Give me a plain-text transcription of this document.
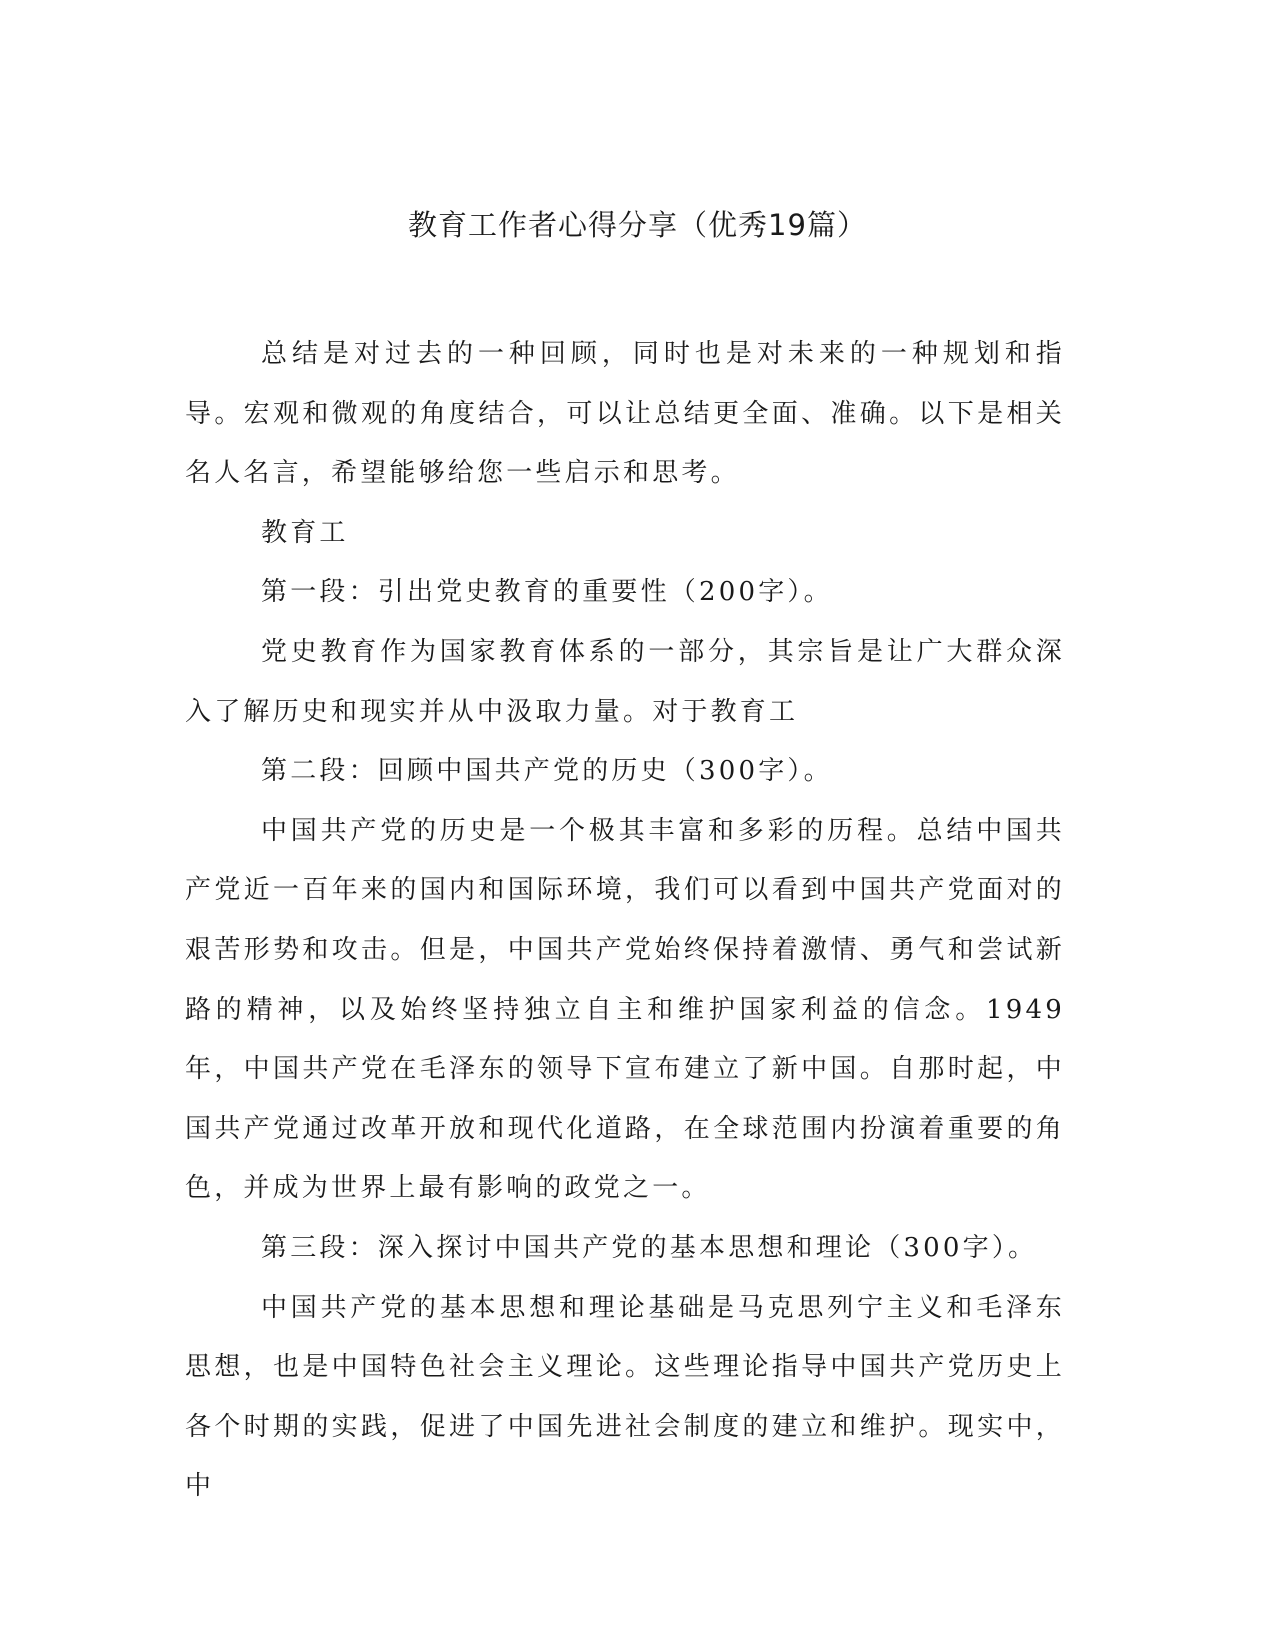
教育工作者心得分享（优秀19篇）

总结是对过去的一种回顾，同时也是对未来的一种规划和指导。宏观和微观的角度结合，可以让总结更全面、准确。以下是相关名人名言，希望能够给您一些启示和思考。

教育工

第一段：引出党史教育的重要性（200字）。

党史教育作为国家教育体系的一部分，其宗旨是让广大群众深入了解历史和现实并从中汲取力量。对于教育工

第二段：回顾中国共产党的历史（300字）。

中国共产党的历史是一个极其丰富和多彩的历程。总结中国共产党近一百年来的国内和国际环境，我们可以看到中国共产党面对的艰苦形势和攻击。但是，中国共产党始终保持着激情、勇气和尝试新路的精神，以及始终坚持独立自主和维护国家利益的信念。1949年，中国共产党在毛泽东的领导下宣布建立了新中国。自那时起，中国共产党通过改革开放和现代化道路，在全球范围内扮演着重要的角色，并成为世界上最有影响的政党之一。

第三段：深入探讨中国共产党的基本思想和理论（300字）。

中国共产党的基本思想和理论基础是马克思列宁主义和毛泽东思想，也是中国特色社会主义理论。这些理论指导中国共产党历史上各个时期的实践，促进了中国先进社会制度的建立和维护。现实中，中
